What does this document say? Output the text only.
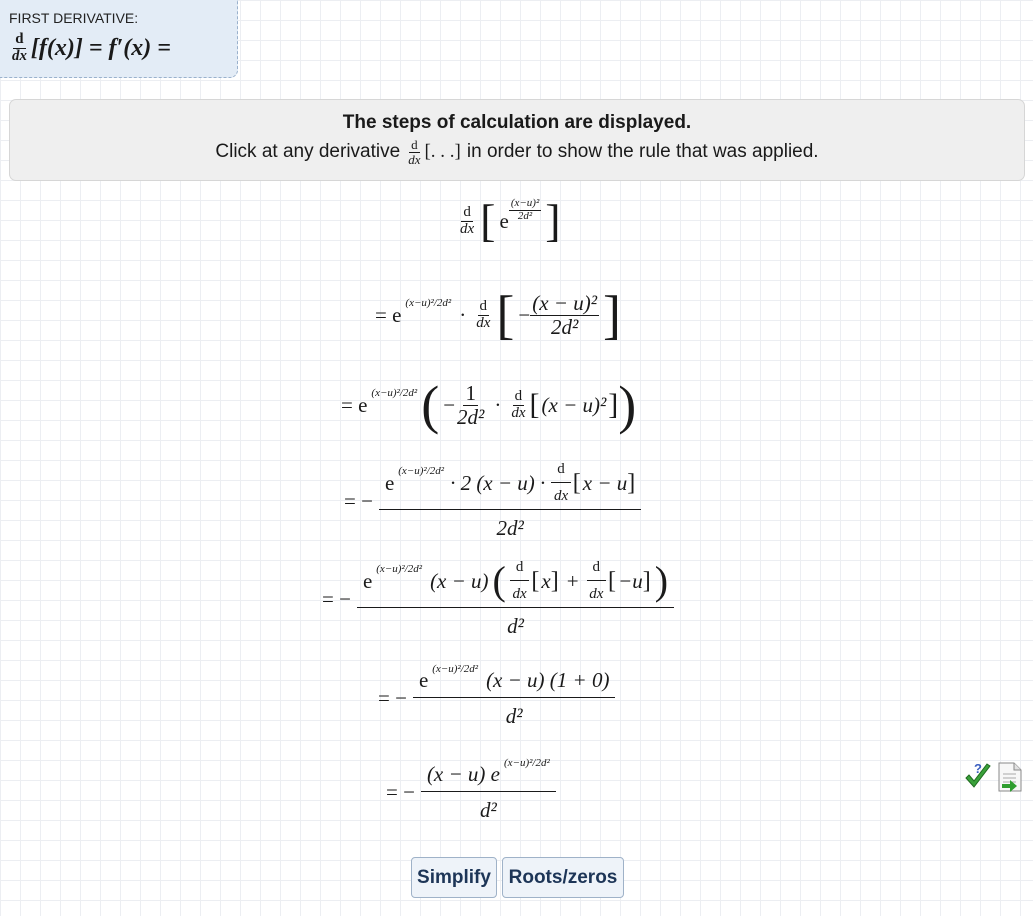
FIRST DERIVATIVE:
$\frac{d}{dx} [f(x)] = f'(x)$ =
The steps of calculation are displayed.
Click at any derivative $\frac{d}{dx}$ [. . .] in order to show the rule that was applied.
$\frac{d}{dx}$ [ e $\frac{\text{(x−u)²}}{\text{2d²}}$ ]
= e $(x-u)^2/2d^2 \cdot \frac{d}{dx}$ [ − $\frac{\text{(x − u)²}}{\text{2d²}}$ ]
= e (x−u)²/2d² ( − $\frac{1}{\text{2d²}} \cdot \frac{d}{dx}$ [ (x − u)² ] )
= −
e (x−u)²/2d² · 2 $(x - u) \cdot \frac{d}{dx}$ [ x − u ]
2d²
= −
e (x−u)²/2d² (x − u) ( $\frac{d}{dx}$ [ x ] + $\frac{d}{dx}$ [ −u ] )
d²
= − $\frac{\text{e (x−u)²/2d² (x − u) (1 + 0)}}{\text{d²}}$
= − $\frac{\text{(x − u) e (x−u)²/2d²}}{\text{d²}}$	?
Simplify Roots/zeros
